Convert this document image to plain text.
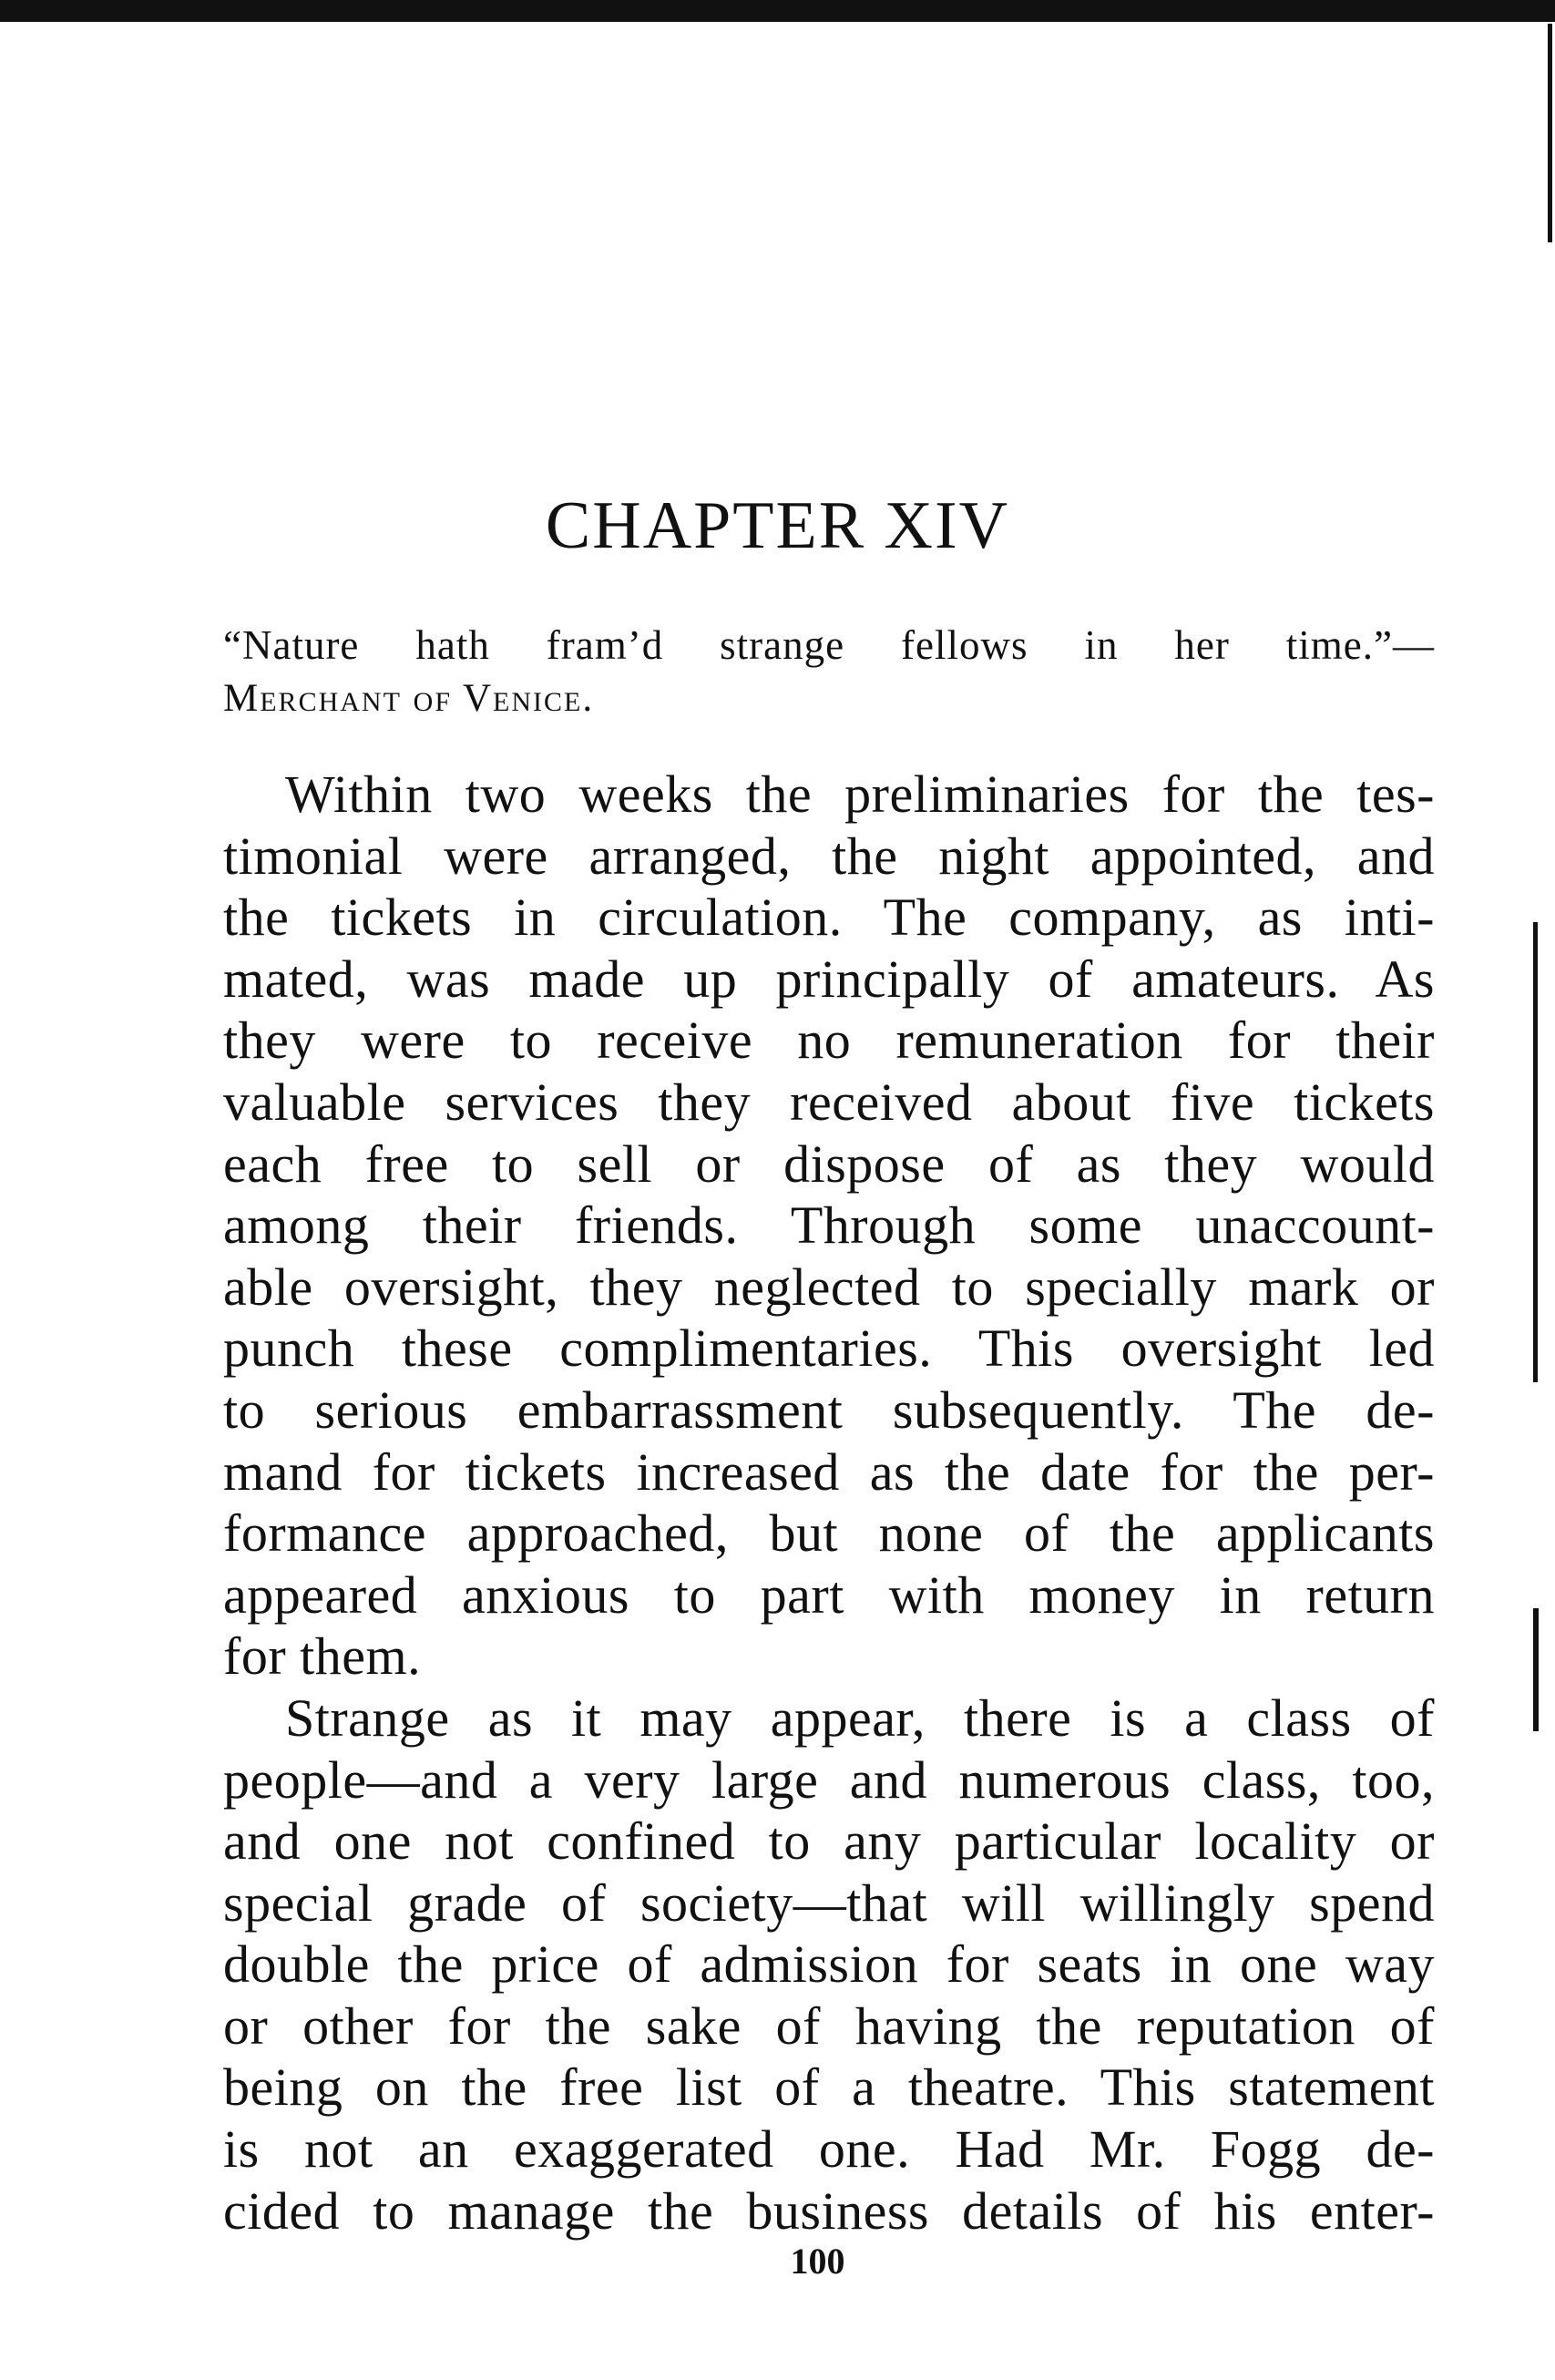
CHAPTER XIV
“Nature hath fram’d strange fellows in her time.”—
Merchant of Venice.
Within two weeks the preliminaries for the tes-
timonial were arranged, the night appointed, and
the tickets in circulation. The company, as inti-
mated, was made up principally of amateurs. As
they were to receive no remuneration for their
valuable services they received about five tickets
each free to sell or dispose of as they would
among their friends. Through some unaccount-
able oversight, they neglected to specially mark or
punch these complimentaries. This oversight led
to serious embarrassment subsequently. The de-
mand for tickets increased as the date for the per-
formance approached, but none of the applicants
appeared anxious to part with money in return
for them.
Strange as it may appear, there is a class of
people—and a very large and numerous class, too,
and one not confined to any particular locality or
special grade of society—that will willingly spend
double the price of admission for seats in one way
or other for the sake of having the reputation of
being on the free list of a theatre. This statement
is not an exaggerated one. Had Mr. Fogg de-
cided to manage the business details of his enter-
100
